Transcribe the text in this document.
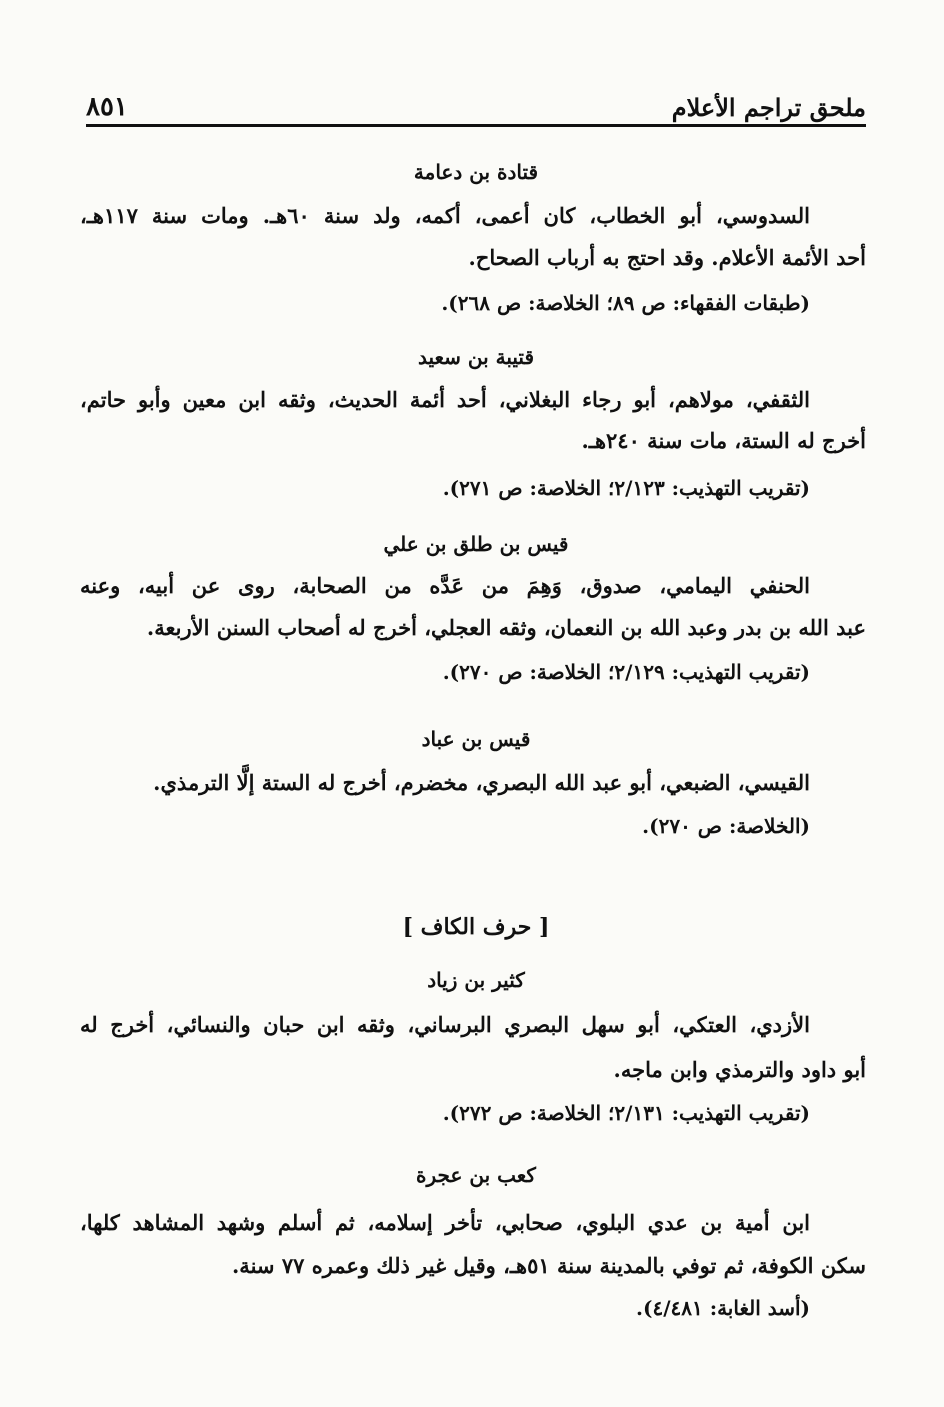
ملحق تراجم الأعلام
٨٥١
قتادة بن دعامة
السدوسي، أبو الخطاب، كان أعمى، أكمه، ولد سنة ٦٠هـ. ومات سنة ١١٧هـ،
أحد الأئمة الأعلام. وقد احتج به أرباب الصحاح.
(طبقات الفقهاء: ص ٨٩؛ الخلاصة: ص ٢٦٨).
قتيبة بن سعيد
الثقفي، مولاهم، أبو رجاء البغلاني، أحد أئمة الحديث، وثقه ابن معين وأبو حاتم،
أخرج له الستة، مات سنة ٢٤٠هـ.
(تقريب التهذيب: ٢/١٢٣؛ الخلاصة: ص ٢٧١).
قيس بن طلق بن علي
الحنفي اليمامي، صدوق، وَهِمَ من عَدَّه من الصحابة، روى عن أبيه، وعنه
عبد الله بن بدر وعبد الله بن النعمان، وثقه العجلي، أخرج له أصحاب السنن الأربعة.
(تقريب التهذيب: ٢/١٢٩؛ الخلاصة: ص ٢٧٠).
قيس بن عباد
القيسي، الضبعي، أبو عبد الله البصري، مخضرم، أخرج له الستة إلَّا الترمذي.
(الخلاصة: ص ٢٧٠).
[ حرف الكاف ]
كثير بن زياد
الأزدي، العتكي، أبو سهل البصري البرساني، وثقه ابن حبان والنسائي، أخرج له
أبو داود والترمذي وابن ماجه.
(تقريب التهذيب: ٢/١٣١؛ الخلاصة: ص ٢٧٢).
كعب بن عجرة
ابن أمية بن عدي البلوي، صحابي، تأخر إسلامه، ثم أسلم وشهد المشاهد كلها،
سكن الكوفة، ثم توفي بالمدينة سنة ٥١هـ، وقيل غير ذلك وعمره ٧٧ سنة.
(أسد الغابة: ٤/٤٨١).
